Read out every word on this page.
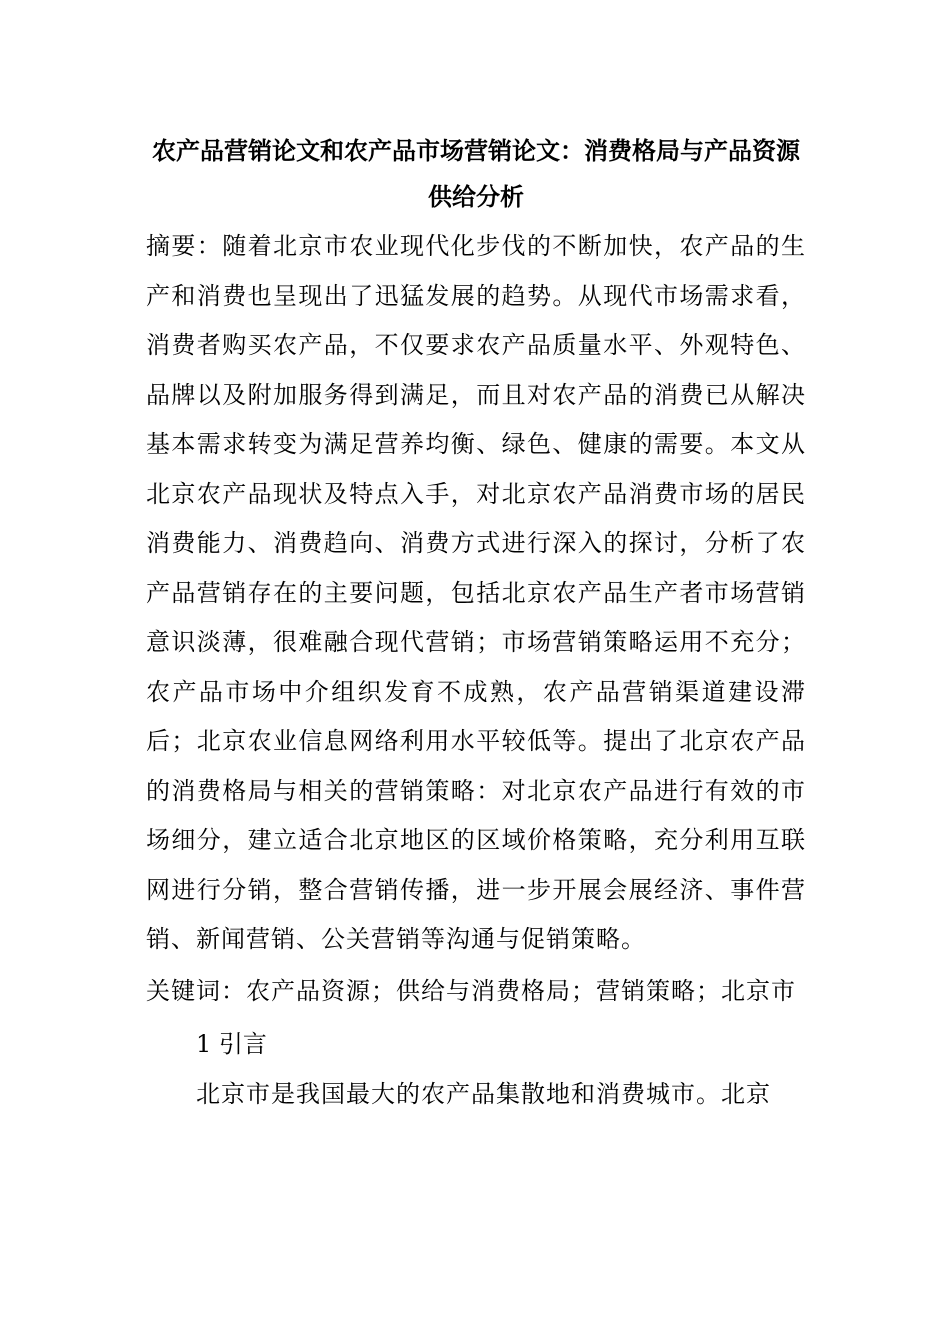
农产品营销论文和农产品市场营销论文：消费格局与产品资源供给分析

摘要：随着北京市农业现代化步伐的不断加快，农产品的生产和消费也呈现出了迅猛发展的趋势。从现代市场需求看，消费者购买农产品，不仅要求农产品质量水平、外观特色、品牌以及附加服务得到满足，而且对农产品的消费已从解决基本需求转变为满足营养均衡、绿色、健康的需要。本文从北京农产品现状及特点入手，对北京农产品消费市场的居民消费能力、消费趋向、消费方式进行深入的探讨，分析了农产品营销存在的主要问题，包括北京农产品生产者市场营销意识淡薄，很难融合现代营销；市场营销策略运用不充分；农产品市场中介组织发育不成熟，农产品营销渠道建设滞后；北京农业信息网络利用水平较低等。提出了北京农产品的消费格局与相关的营销策略：对北京农产品进行有效的市场细分，建立适合北京地区的区域价格策略，充分利用互联网进行分销，整合营销传播，进一步开展会展经济、事件营销、新闻营销、公关营销等沟通与促销策略。

关键词：农产品资源；供给与消费格局；营销策略；北京市

1 引言

北京市是我国最大的农产品集散地和消费城市。北京
